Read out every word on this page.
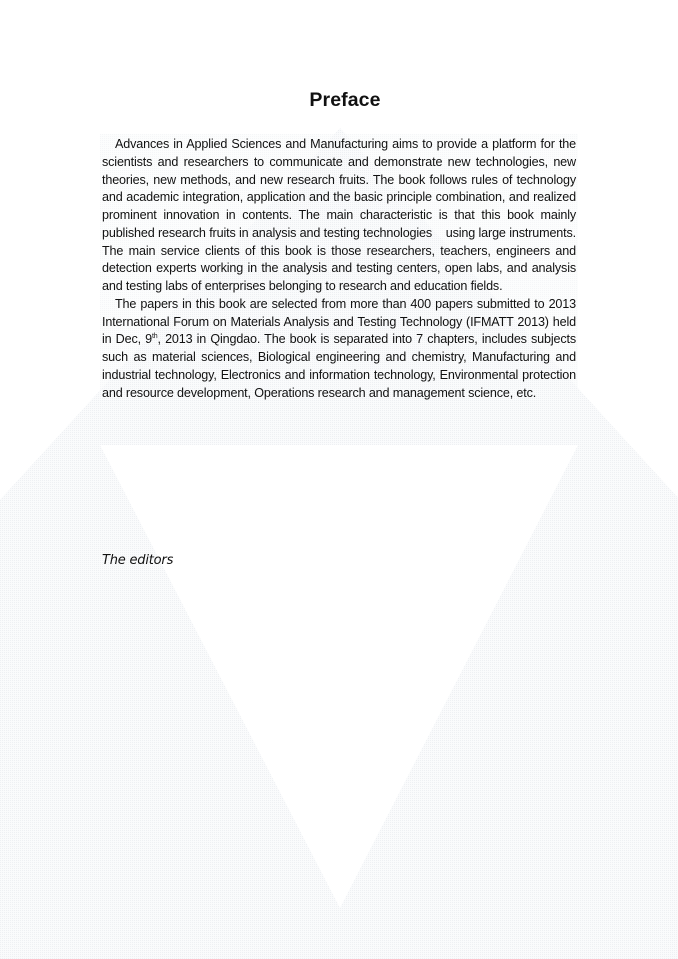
Preface

Advances in Applied Sciences and Manufacturing aims to provide a platform for the scientists and researchers to communicate and demonstrate new technologies, new theories, new methods, and new research fruits. The book follows rules of technology and academic integration, application and the basic principle combination, and realized prominent innovation in contents. The main characteristic is that this book mainly published research fruits in analysis and testing technologies    using large instruments. The main service clients of this book is those researchers, teachers, engineers and detection experts working in the analysis and testing centers, open labs, and analysis and testing labs of enterprises belonging to research and education fields.

The papers in this book are selected from more than 400 papers submitted to 2013 International Forum on Materials Analysis and Testing Technology (IFMATT 2013) held in Dec, 9th, 2013 in Qingdao. The book is separated into 7 chapters, includes subjects such as material sciences, Biological engineering and chemistry, Manufacturing and industrial technology, Electronics and information technology, Environmental protection and resource development, Operations research and management science, etc.

The editors
